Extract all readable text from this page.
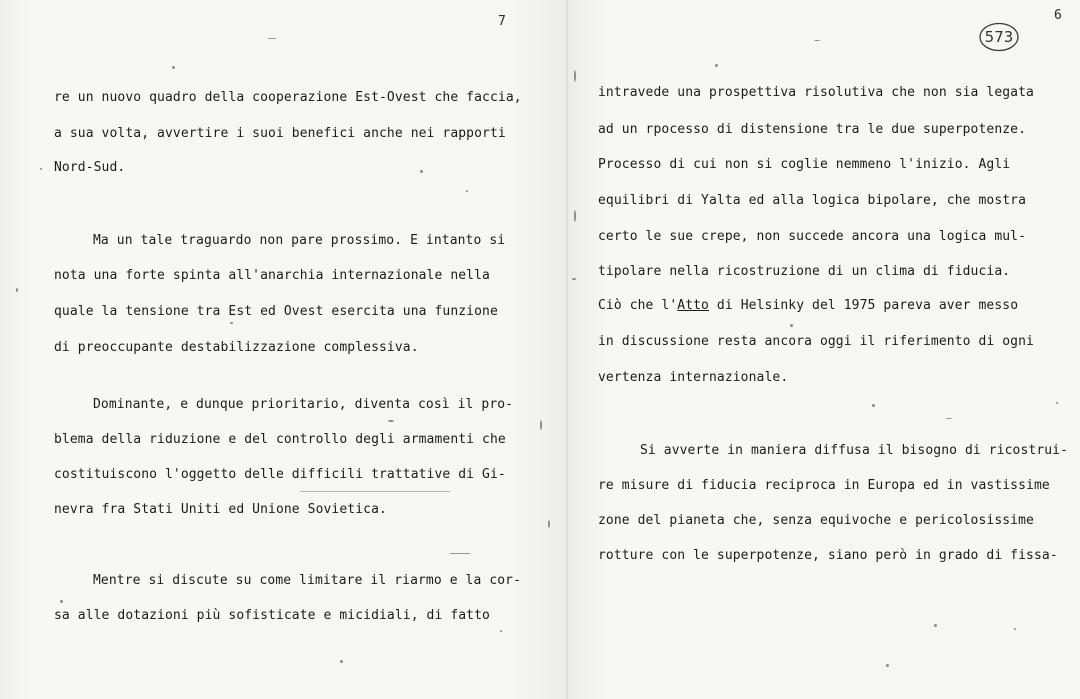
7
re un nuovo quadro della cooperazione Est-Ovest che faccia,
a sua volta, avvertire i suoi benefici anche nei rapporti
Nord-Sud.
Ma un tale traguardo non pare prossimo. E intanto si
nota una forte spinta all'anarchia internazionale nella
quale la tensione tra Est ed Ovest esercita una funzione
di preoccupante destabilizzazione complessiva.
Dominante, e dunque prioritario, diventa così il pro-
blema della riduzione e del controllo degli armamenti che
costituiscono l'oggetto delle difficili trattative di Gi-
nevra fra Stati Uniti ed Unione Sovietica.
Mentre si discute su come limitare il riarmo e la cor-
sa alle dotazioni più sofisticate e micidiali, di fatto
6
intravede una prospettiva risolutiva che non sia legata
ad un rpocesso di distensione tra le due superpotenze.
Processo di cui non si coglie nemmeno l'inizio. Agli
equilibri di Yalta ed alla logica bipolare, che mostra
certo le sue crepe, non succede ancora una logica mul-
tipolare nella ricostruzione di un clima di fiducia.
Ciò che l'Atto di Helsinky del 1975 pareva aver messo
in discussione resta ancora oggi il riferimento di ogni
vertenza internazionale.
Si avverte in maniera diffusa il bisogno di ricostrui-
re misure di fiducia reciproca in Europa ed in vastissime
zone del pianeta che, senza equivoche e pericolosissime
rotture con le superpotenze, siano però in grado di fissa-
573
